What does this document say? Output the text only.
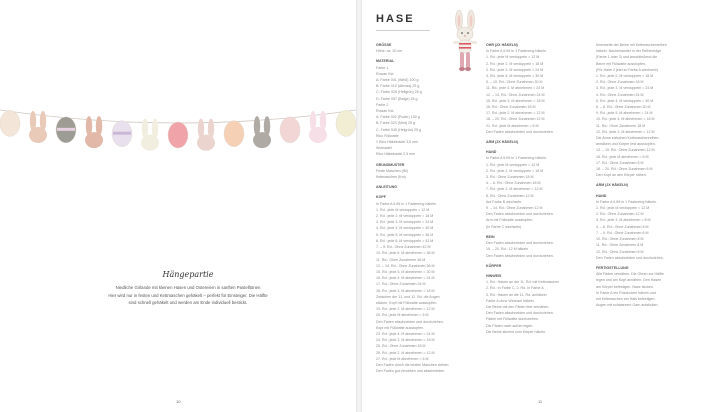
Hängepartie
Niedliche Girlande mit kleinen Hasen und Ostereiern in sanften Pastelltönen
Hier wird nur in festen und Kettmaschen gehäkelt – perfekt für Einsteiger. Die Hälfte
sind schnell gehäkelt und werden am Ende individuell bestickt.
10
HASE

GRÖSSE

Höhe: ca. 20 cm

MATERIAL

Farbe 1

Rowan Kid

A: Farbe 001 (Weiß) 100 g

B: Farbe 010 (Altrosa) 25 g

C: Farbe 026 (Hellgrün) 25 g

D: Farbe 057 (Beige) 25 g

Farbe 2

Rowan Kid

A: Farbe 002 (Puder) 100 g

B: Farbe 023 (Mint) 25 g

C: Farbe 045 (Helgrün) 25 g

Rico Füllwatte

1 Rico Häkelnadel 3,0 mm

Wollnadel

Rico Häkelnadel 2,5 mm

GRUNDMUSTER

Feste Maschen (fM)

Kettmaschen (Km)

ANLEITUNG

KOPF

In Farbe A 6 fM in 1 Fadenring häkeln.

1. Rd.: jede M verdoppeln = 12 M

2. Rd.: jede 2. M verdoppeln = 18 M

3. Rd.: jede 3. M verdoppeln = 24 M

4. Rd.: jede 4. M verdoppeln = 30 M

5. Rd.: jede 5. M verdoppeln = 36 M

6. Rd.: jede 6. M verdoppeln = 42 M

7. – 9. Rd.: Ohne Zunahmen 42 M

10. Rd.: jede 6. M abnehmen = 36 M

11. Rd.: Ohne Zunahmen 36 M

12. – 14. Rd.: Ohne Zunahmen 36 M

15. Rd.: jede 5. M abnehmen = 30 M

16. Rd.: jede 4. M abnehmen = 24 M

17. Rd.: Ohne Zunahmen 24 M

18. Rd.: jede 3. M abnehmen = 18 M

Zwischen der 11. und 12. Rd. die Augen

sticken, Kopf mit Füllwatte ausstopfen.

19. Rd.: jede 2. M abnehmen = 12 M

20. Rd.: jede M abnehmen = 6 M

Den Faden abschneiden und durchziehen.

Kopf mit Füllwatte ausstopfen.

23. Rd.: jede 4. M abnehmen = 24 M

24. Rd.: jede 3. M abnehmen = 18 M

25. Rd.: Ohne Zunahmen 18 M

26. Rd.: jede 2. M abnehmen = 12 M

27. Rd.: jede M abnehmen = 6 M

Den Faden durch die letzten Maschen ziehen.

Den Faden gut vernähen und abschneiden.

OHR (2X HÄKELN)

In Farbe A 6 fM in 1 Fadenring häkeln.

1. Rd.: jede M verdoppeln = 12 M

2. Rd.: jede 2. M verdoppeln = 18 M

3. Rd.: jede 3. M verdoppeln = 24 M

4. Rd.: jede 4. M verdoppeln = 30 M

5. – 10. Rd.: Ohne Zunahmen 30 M

11. Rd.: jede 4. M abnehmen = 24 M

12. – 14. Rd.: Ohne Zunahmen 24 M

15. Rd.: jede 3. M abnehmen = 18 M

16. Rd.: Ohne Zunahmen 18 M

17. Rd.: jede 2. M abnehmen = 12 M

18. – 20. Rd.: Ohne Zunahmen 12 M

21. Rd.: jede M abnehmen = 6 M

Den Faden abschneiden und durchziehen.

ARM (2X HÄKELN)

HAND

In Farbe A 6 fM in 1 Fadenring häkeln.

1. Rd.: jede M verdoppeln = 12 M

2. Rd.: jede 2. M verdoppeln = 18 M

3. Rd.: Ohne Zunahmen 18 M

4. – 6. Rd.: Ohne Zunahmen 18 M

7. Rd.: jede 3. M abnehmen = 12 M

8. Rd.: Ohne Zunahmen 12 M

Auf Farbe B wechseln.

9. – 14. Rd.: Ohne Zunahmen 12 M

Den Faden abschneiden und durchziehen.

Arm mit Füllwatte ausstopfen.

(In Farbe C wechseln)

BEIN

Den Faden abschneiden und durchziehen.

15. – 20. Rd.: 12 M häkeln

Den Faden abschneiden und durchziehen.

KÖRPER

HINWEIS

1. Rd.: Hasen an der 11. Rd. mit Kettmaschen

2. Rd.: In Farbe C, 2. Rd. In Farbe A

3. Rd.: Hasen an die 11. Rd. anhäkeln

Farbe A ohne Wechsel häkeln.

Die Beine mit den Fäden fest vernähen.

Den Faden abschneiden und durchziehen.

Fäden mit Füllwatte durchziehen.

Die Fäden nach außen legen.

Die Beine sitzend zum Körper häkeln.

Innenseite der Beine mit Kettmaschenreihen

häkeln. Nacheinander in der Reihenfolge

(Farbe 1 oder 2) und anschließend die

Beine mit Füllwatte ausstopfen.

(Für Hase 2 jetzt zu Farbe A wechseln)

1. Rd.: jede 2. M verdoppeln = 18 M

2. Rd.: Ohne Zunahmen 18 M

3. Rd.: jede 3. M verdoppeln = 24 M

4. Rd.: Ohne Zunahmen 24 M

5. Rd.: jede 4. M verdoppeln = 30 M

6. – 8. Rd.: Ohne Zunahmen 30 M

9. Rd.: jede 5. M abnehmen = 24 M

10. Rd.: jede 4. M abnehmen = 18 M

11. Rd.: Ohne Zunahmen 18 M

12. Rd.: jede 3. M abnehmen = 12 M

Die Arme zwischen Kettmaschenreihen

anhäkeln und Körper fest ausstopfen.

13. – 15. Rd.: Ohne Zunahmen 12 M

16. Rd.: jede M abnehmen = 6 M

17. Rd.: Ohne Zunahmen 6 M

18. – 20. Rd.: Ohne Zunahmen 6 M

Den Kopf an den Körper nähen.

ARM (2X HÄKELN)

HAND

In Farbe A 6 fM in 1 Fadenring häkeln.

1. Rd.: jede M verdoppeln = 12 M

2. Rd.: Ohne Zunahmen 12 M

3. Rd.: jede 3. M abnehmen = 8 M

4. – 6. Rd.: Ohne Zunahmen 8 M

7. – 9. Rd.: Ohne Zunahmen 8 M

10. Rd.: Ohne Zunahmen 8 M

11. Rd.: Ohne Zunahmen 8 M

12. Rd.: Ohne Zunahmen 8 M

Den Faden abschneiden und durchziehen.

FERTIGSTELLUNG

Alle Fäden vernähen. Die Ohren zur Hälfte

legen und am Kopf annähen. Den Hasen

am Körper befestigen. Nase sticken.

In Farbe A ein Rüschchen häkeln und

mit Kettmaschen am Hals befestigen.

Augen mit schwarzem Garn aufsticken.

11
